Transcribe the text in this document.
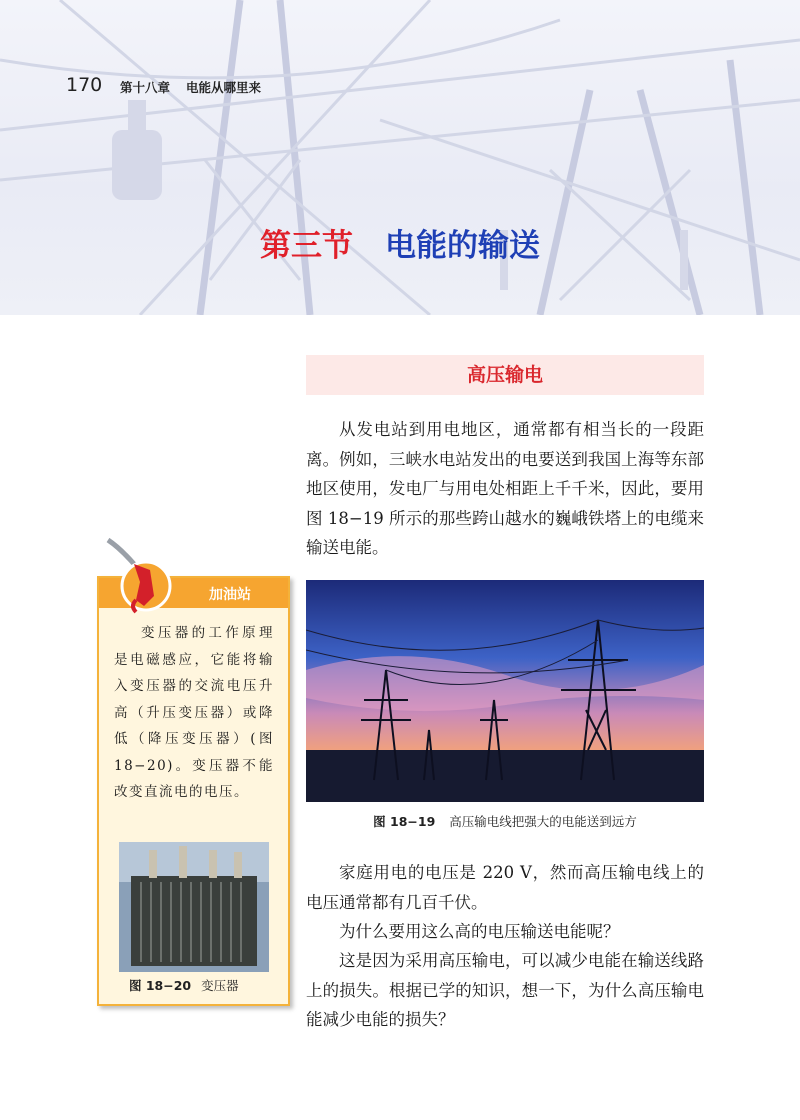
170 第十八章 电能从哪里来
第三节 电能的输送
高压输电

从发电站到用电地区，通常都有相当长的一段距离。例如，三峡水电站发出的电要送到我国上海等东部地区使用，发电厂与用电处相距上千千米，因此，要用图 18−19 所示的那些跨山越水的巍峨铁塔上的电缆来输送电能。

图 18−19 高压输电线把强大的电能送到远方

家庭用电的电压是 220 V，然而高压输电线上的电压通常都有几百千伏。

为什么要用这么高的电压输送电能呢？

这是因为采用高压输电，可以减少电能在输送线路上的损失。根据已学的知识，想一下，为什么高压输电能减少电能的损失？

加油站

变压器的工作原理是电磁感应，它能将输入变压器的交流电压升高（升压变压器）或降低（降压变压器）(图 18−20)。变压器不能改变直流电的电压。

图 18−20 变压器
